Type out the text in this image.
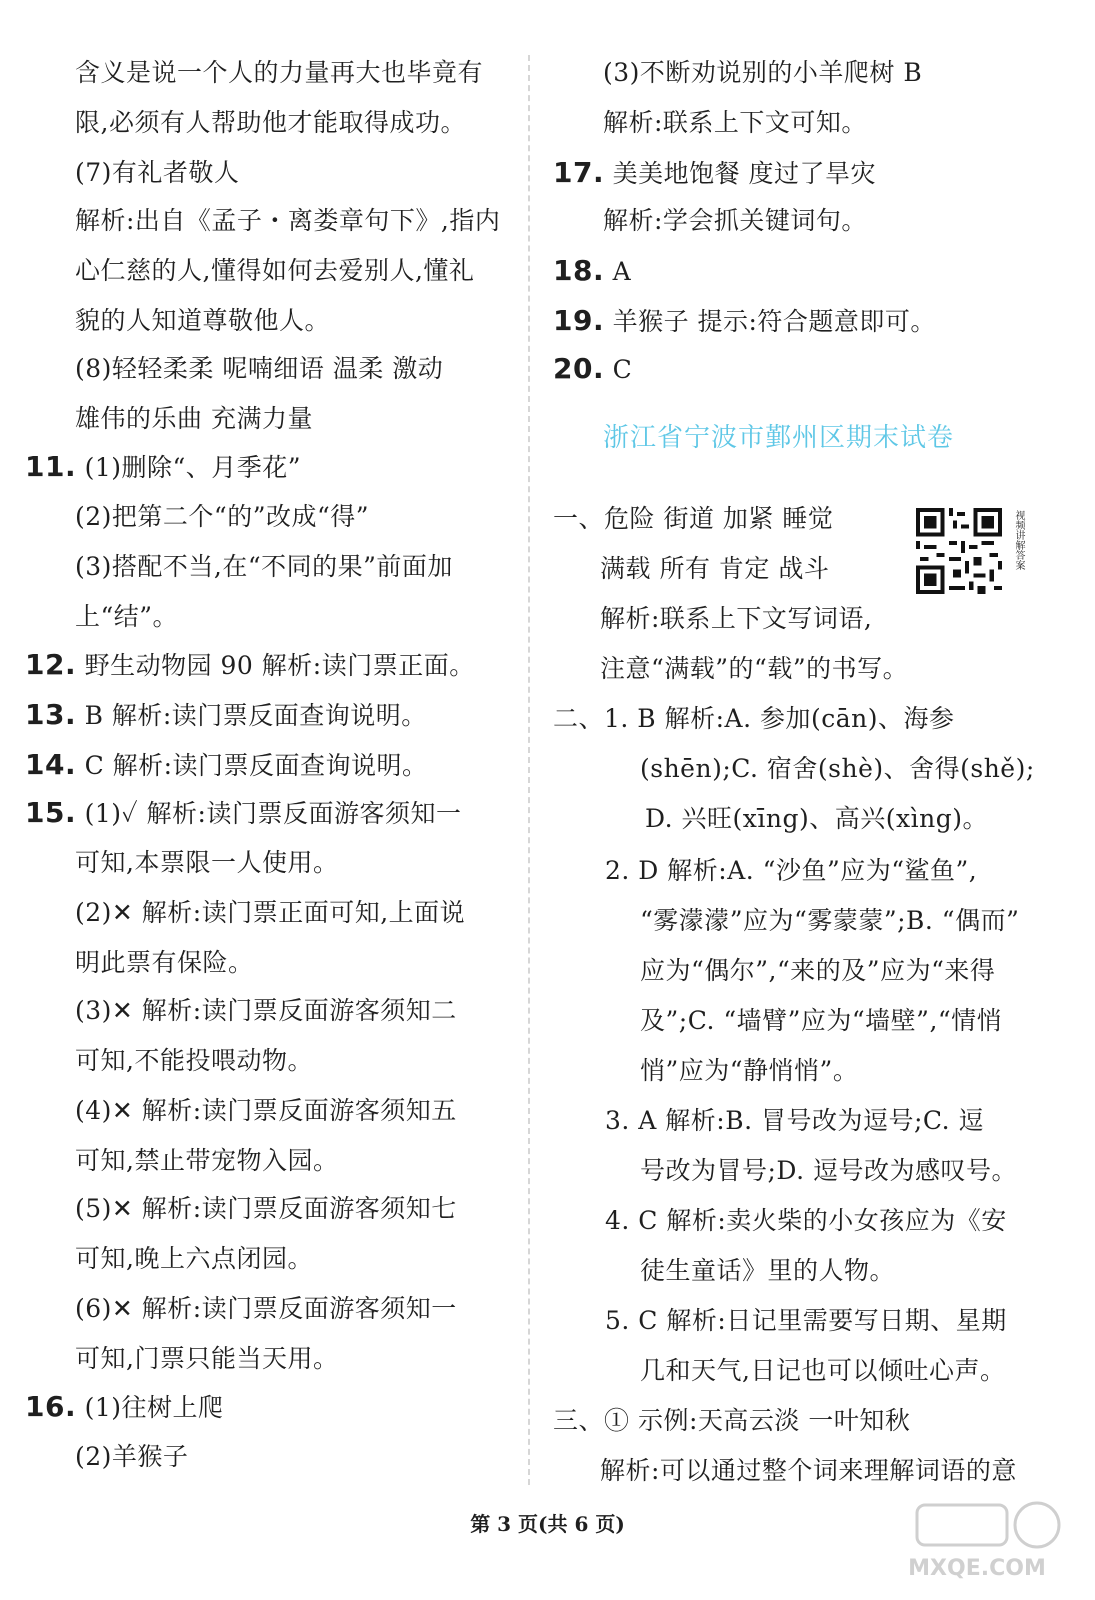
含义是说一个人的力量再大也毕竟有
限,必须有人帮助他才能取得成功。
(7)有礼者敬人
解析:出自《孟子・离娄章句下》,指内
心仁慈的人,懂得如何去爱别人,懂礼
貌的人知道尊敬他人。
(8)轻轻柔柔 呢喃细语 温柔 激动
雄伟的乐曲 充满力量
11. (1)删除“、月季花”
(2)把第二个“的”改成“得”
(3)搭配不当,在“不同的果”前面加
上“结”。
12. 野生动物园 90 解析:读门票正面。
13. B 解析:读门票反面查询说明。
14. C 解析:读门票反面查询说明。
15. (1)✓ 解析:读门票反面游客须知一
可知,本票限一人使用。
(2)✕ 解析:读门票正面可知,上面说
明此票有保险。
(3)✕ 解析:读门票反面游客须知二
可知,不能投喂动物。
(4)✕ 解析:读门票反面游客须知五
可知,禁止带宠物入园。
(5)✕ 解析:读门票反面游客须知七
可知,晚上六点闭园。
(6)✕ 解析:读门票反面游客须知一
可知,门票只能当天用。
16. (1)往树上爬
(2)羊猴子
(3)不断劝说别的小羊爬树 B
解析:联系上下文可知。
17. 美美地饱餐 度过了旱灾
解析:学会抓关键词句。
18. A
19. 羊猴子 提示:符合题意即可。
20. C
一、危险 街道 加紧 睡觉
满载 所有 肯定 战斗
解析:联系上下文写词语,
注意“满载”的“载”的书写。
二、1. B 解析:A. 参加(cān)、海参
(shēn);C. 宿舍(shè)、舍得(shě);
D. 兴旺(xīng)、高兴(xìng)。
2. D 解析:A. “沙鱼”应为“鲨鱼”,
“雾濛濛”应为“雾蒙蒙”;B. “偶而”
应为“偶尔”,“来的及”应为“来得
及”;C. “墙臂”应为“墙壁”,“情悄
悄”应为“静悄悄”。
3. A 解析:B. 冒号改为逗号;C. 逗
号改为冒号;D. 逗号改为感叹号。
4. C 解析:卖火柴的小女孩应为《安
徒生童话》里的人物。
5. C 解析:日记里需要写日期、星期
几和天气,日记也可以倾吐心声。
三、① 示例:天高云淡 一叶知秋
解析:可以通过整个词来理解词语的意
浙江省宁波市鄞州区期末试卷
视频讲解答案
第 3 页(共 6 页)
MXQE.COM
